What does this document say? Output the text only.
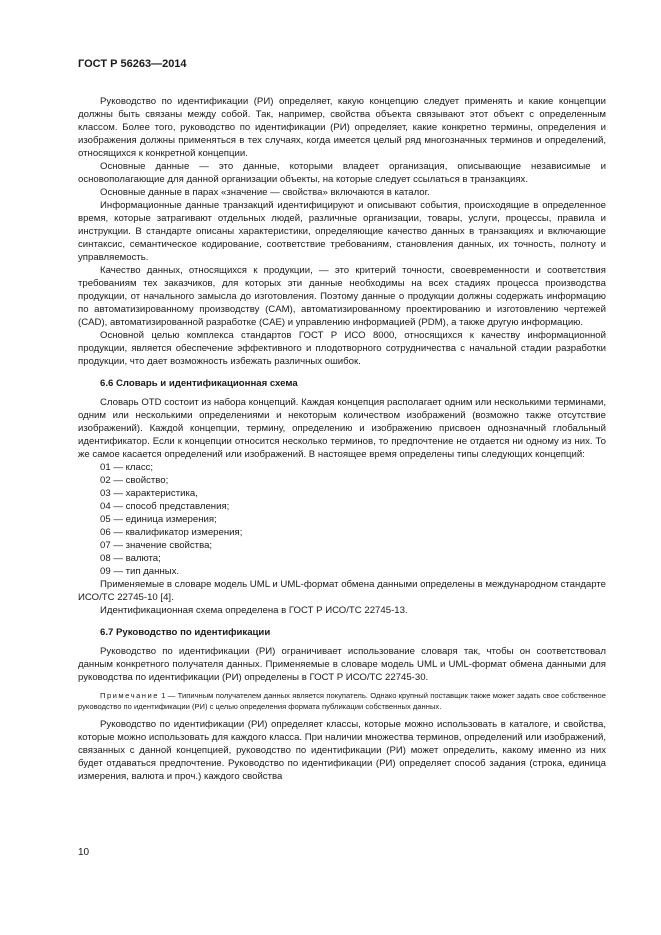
ГОСТ Р 56263—2014

Руководство по идентификации (РИ) определяет, какую концепцию следует применять и какие концепции должны быть связаны между собой. Так, например, свойства объекта связывают этот объект с определенным классом. Более того, руководство по идентификации (РИ) определяет, какие конкретно термины, определения и изображения должны применяться в тех случаях, когда имеется целый ряд многозначных терминов и определений, относящихся к конкретной концепции.

Основные данные — это данные, которыми владеет организация, описывающие независимые и основополагающие для данной организации объекты, на которые следует ссылаться в транзакциях.

Основные данные в парах «значение — свойства» включаются в каталог.

Информационные данные транзакций идентифицируют и описывают события, происходящие в определенное время, которые затрагивают отдельных людей, различные организации, товары, услуги, процессы, правила и инструкции. В стандарте описаны характеристики, определяющие качество данных в транзакциях и включающие синтаксис, семантическое кодирование, соответствие требованиям, становления данных, их точность, полноту и управляемость.

Качество данных, относящихся к продукции, — это критерий точности, своевременности и соответствия требованиям тех заказчиков, для которых эти данные необходимы на всех стадиях процесса производства продукции, от начального замысла до изготовления. Поэтому данные о продукции должны содержать информацию по автоматизированному производству (CAM), автоматизированному проектированию и изготовлению чертежей (CAD), автоматизированной разработке (CAE) и управлению информацией (PDM), а также другую информацию.

Основной целью комплекса стандартов ГОСТ Р ИСО 8000, относящихся к качеству информационной продукции, является обеспечение эффективного и плодотворного сотрудничества с начальной стадии разработки продукции, что дает возможность избежать различных ошибок.

6.6 Словарь и идентификационная схема

Словарь OTD состоит из набора концепций. Каждая концепция располагает одним или несколькими терминами, одним или несколькими определениями и некоторым количеством изображений (возможно также отсутствие изображений). Каждой концепции, термину, определению и изображению присвоен однозначный глобальный идентификатор. Если к концепции относится несколько терминов, то предпочтение не отдается ни одному из них. То же самое касается определений или изображений. В настоящее время определены типы следующих концепций:

01 — класс;
02 — свойство;
03 — характеристика,
04 — способ представления;
05 — единица измерения;
06 — квалификатор измерения;
07 — значение свойства;
08 — валюта;
09 — тип данных.

Применяемые в словаре модель UML и UML-формат обмена данными определены в международном стандарте ИСО/ТС 22745-10 [4].

Идентификационная схема определена в ГОСТ Р ИСО/ТС 22745-13.

6.7 Руководство по идентификации

Руководство по идентификации (РИ) ограничивает использование словаря так, чтобы он соответствовал данным конкретного получателя данных. Применяемые в словаре модель UML и UML-формат обмена данными для руководства по идентификации (РИ) определены в ГОСТ Р ИСО/ТС 22745-30.

Примечание 1 — Типичным получателем данных является покупатель. Однако крупный поставщик также может задать свое собственное руководство по идентификации (РИ) с целью определения формата публикации собственных данных.

Руководство по идентификации (РИ) определяет классы, которые можно использовать в каталоге, и свойства, которые можно использовать для каждого класса. При наличии множества терминов, определений или изображений, связанных с данной концепцией, руководство по идентификации (РИ) может определить, какому именно из них будет отдаваться предпочтение. Руководство по идентификации (РИ) определяет способ задания (строка, единица измерения, валюта и проч.) каждого свойства

10
